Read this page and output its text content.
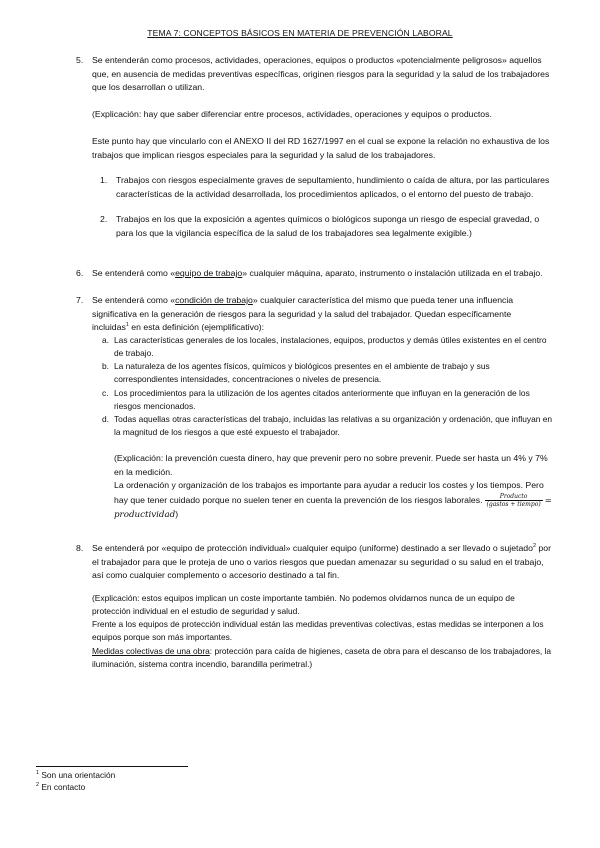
TEMA 7: CONCEPTOS BÁSICOS EN MATERIA DE PREVENCIÓN LABORAL
5. Se entenderán como procesos, actividades, operaciones, equipos o productos «potencialmente peligrosos» aquellos que, en ausencia de medidas preventivas específicas, originen riesgos para la seguridad y la salud de los trabajadores que los desarrollan o utilizan.
(Explicación: hay que saber diferenciar entre procesos, actividades, operaciones y equipos o productos.
Este punto hay que vincularlo con el ANEXO II del RD 1627/1997 en el cual se expone la relación no exhaustiva de los trabajos que implican riesgos especiales para la seguridad y la salud de los trabajadores.
1. Trabajos con riesgos especialmente graves de sepultamiento, hundimiento o caída de altura, por las particulares características de la actividad desarrollada, los procedimientos aplicados, o el entorno del puesto de trabajo.
2. Trabajos en los que la exposición a agentes químicos o biológicos suponga un riesgo de especial gravedad, o para los que la vigilancia específica de la salud de los trabajadores sea legalmente exigible.)
6. Se entenderá como «equipo de trabajo» cualquier máquina, aparato, instrumento o instalación utilizada en el trabajo.
7. Se entenderá como «condición de trabajo» cualquier característica del mismo que pueda tener una influencia significativa en la generación de riesgos para la seguridad y la salud del trabajador. Quedan específicamente incluidas$^1$ en esta definición (ejemplificativo):
a. Las características generales de los locales, instalaciones, equipos, productos y demás útiles existentes en el centro de trabajo.
b. La naturaleza de los agentes físicos, químicos y biológicos presentes en el ambiente de trabajo y sus correspondientes intensidades, concentraciones o niveles de presencia.
c. Los procedimientos para la utilización de los agentes citados anteriormente que influyan en la generación de los riesgos mencionados.
d. Todas aquellas otras características del trabajo, incluidas las relativas a su organización y ordenación, que influyan en la magnitud de los riesgos a que esté expuesto el trabajador.
(Explicación: la prevención cuesta dinero, hay que prevenir pero no sobre prevenir. Puede ser hasta un 4% y 7% en la medición.
La ordenación y organización de los trabajos es importante para ayudar a reducir los costes y los tiempos. Pero hay que tener cuidado porque no suelen tener en cuenta la prevención de los riesgos laborales. $\frac{\text{Producto}}{\text{(gastos + tiempo)}}$ = productividad)
8. Se entenderá por «equipo de protección individual» cualquier equipo (uniforme) destinado a ser llevado o sujetado$^2$ por el trabajador para que le proteja de uno o varios riesgos que puedan amenazar su seguridad o su salud en el trabajo, así como cualquier complemento o accesorio destinado a tal fin.
(Explicación: estos equipos implican un coste importante también. No podemos olvidarnos nunca de un equipo de protección individual en el estudio de seguridad y salud.
Frente a los equipos de protección individual están las medidas preventivas colectivas, estas medidas se interponen a los equipos porque son más importantes.
Medidas colectivas de una obra: protección para caída de higienes, caseta de obra para el descanso de los trabajadores, la iluminación, sistema contra incendio, barandilla perimetral.)
$^1$ Son una orientación
$^2$ En contacto
